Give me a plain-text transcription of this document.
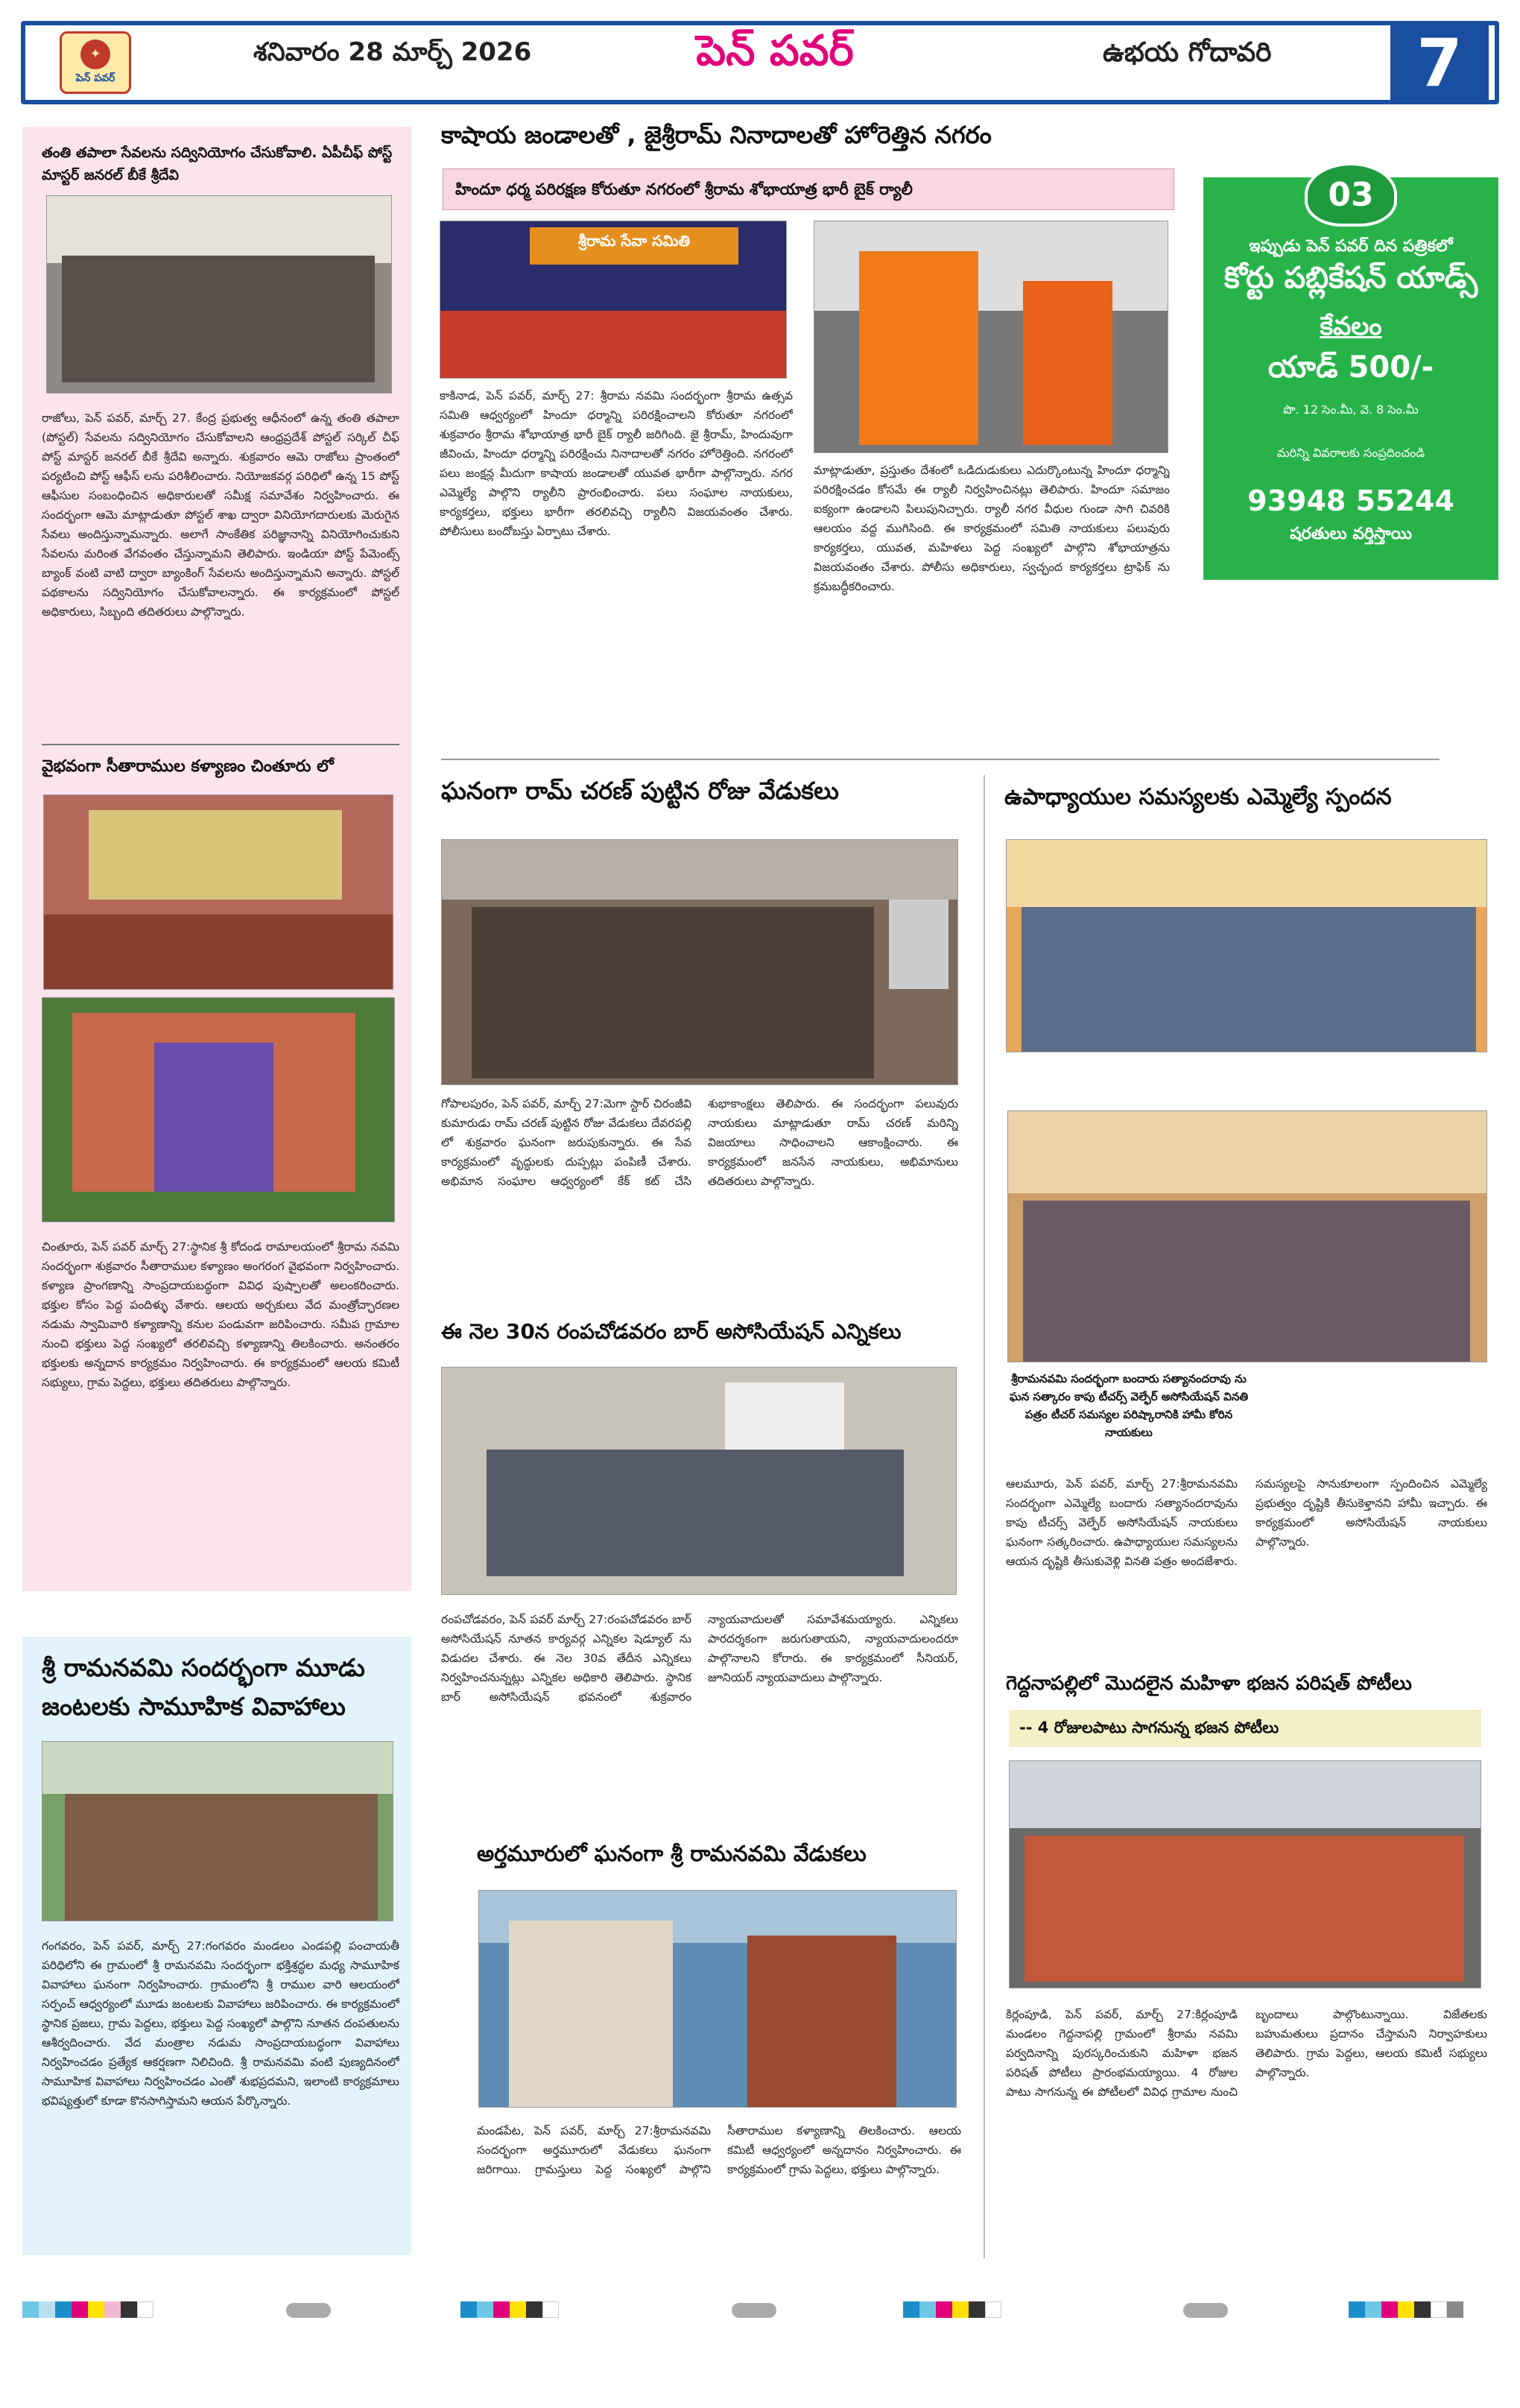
✦
పెన్ పవర్
శనివారం 28 మార్చ్ 2026	పెన్ పవర్	ఉభయ గోదావరి	7
తంతి తపాలా సేవలను సద్వినియోగం చేసుకోవాలి. ఏపీచీఫ్ పోస్ట్ మాస్టర్ జనరల్ బీకే శ్రీదేవి
రాజోలు, పెన్ పవర్, మార్చ్ 27. కేంద్ర ప్రభుత్వ ఆధీనంలో ఉన్న తంతి తపాలా (పోస్టల్) సేవలను సద్వినియోగం చేసుకోవాలని ఆంధ్రప్రదేశ్ పోస్టల్ సర్కిల్ చీఫ్ పోస్ట్ మాస్టర్ జనరల్ బీకే శ్రీదేవి అన్నారు. శుక్రవారం ఆమె రాజోలు ప్రాంతంలో పర్యటించి పోస్ట్ ఆఫీస్ లను పరిశీలించారు. నియోజకవర్గ పరిధిలో ఉన్న 15 పోస్ట్ ఆఫీసుల సంబంధించిన అధికారులతో సమీక్ష సమావేశం నిర్వహించారు. ఈ సందర్భంగా ఆమె మాట్లాడుతూ పోస్టల్ శాఖ ద్వారా వినియోగదారులకు మెరుగైన సేవలు అందిస్తున్నామన్నారు. అలాగే సాంకేతిక పరిజ్ఞానాన్ని వినియోగించుకుని సేవలను మరింత వేగవంతం చేస్తున్నామని తెలిపారు. ఇండియా పోస్ట్ పేమెంట్స్ బ్యాంక్ వంటి వాటి ద్వారా బ్యాంకింగ్ సేవలను అందిస్తున్నామని అన్నారు. పోస్టల్ పథకాలను సద్వినియోగం చేసుకోవాలన్నారు. ఈ కార్యక్రమంలో పోస్టల్ అధికారులు, సిబ్బంది తదితరులు పాల్గొన్నారు.
వైభవంగా సీతారాముల కళ్యాణం చింతూరు లో
చింతూరు, పెన్ పవర్ మార్చ్ 27:స్థానిక శ్రీ కోదండ రామాలయంలో శ్రీరామ నవమి సందర్భంగా శుక్రవారం సీతారాముల కళ్యాణం అంగరంగ వైభవంగా నిర్వహించారు. కళ్యాణ ప్రాంగణాన్ని సాంప్రదాయబద్ధంగా వివిధ పుష్పాలతో అలంకరించారు. భక్తుల కోసం పెద్ద పందిళ్ళు వేశారు. ఆలయ అర్చకులు వేద మంత్రోచ్ఛారణల నడుమ స్వామివారి కళ్యాణాన్ని కనుల పండువగా జరిపించారు. సమీప గ్రామాల నుంచి భక్తులు పెద్ద సంఖ్యలో తరలివచ్చి కళ్యాణాన్ని తిలకించారు. అనంతరం భక్తులకు అన్నదాన కార్యక్రమం నిర్వహించారు. ఈ కార్యక్రమంలో ఆలయ కమిటీ సభ్యులు, గ్రామ పెద్దలు, భక్తులు తదితరులు పాల్గొన్నారు.
శ్రీ రామనవమి సందర్భంగా మూడు జంటలకు సామూహిక వివాహాలు
గంగవరం, పెన్ పవర్, మార్చ్ 27:గంగవరం మండలం ఎండపల్లి పంచాయతీ పరిధిలోని ఈ గ్రామంలో శ్రీ రామనవమి సందర్భంగా భక్తిశ్రద్ధల మధ్య సామూహిక వివాహాలు ఘనంగా నిర్వహించారు. గ్రామంలోని శ్రీ రాముల వారి ఆలయంలో సర్పంచ్ ఆధ్వర్యంలో మూడు జంటలకు వివాహాలు జరిపించారు. ఈ కార్యక్రమంలో స్థానిక ప్రజలు, గ్రామ పెద్దలు, భక్తులు పెద్ద సంఖ్యలో పాల్గొని నూతన దంపతులను ఆశీర్వదించారు. వేద మంత్రాల నడుమ సాంప్రదాయబద్ధంగా వివాహాలు నిర్వహించడం ప్రత్యేక ఆకర్షణగా నిలిచింది. శ్రీ రామనవమి వంటి పుణ్యదినంలో సామూహిక వివాహాలు నిర్వహించడం ఎంతో శుభప్రదమని, ఇలాంటి కార్యక్రమాలు భవిష్యత్తులో కూడా కొనసాగిస్తామని ఆయన పేర్కొన్నారు.
కాషాయ జండాలతో , జైశ్రీరామ్ నినాదాలతో హోరెత్తిన నగరం
హిందూ ధర్మ పరిరక్షణ కోరుతూ నగరంలో శ్రీరామ శోభాయాత్ర భారీ బైక్ ర్యాలీ
శ్రీరామ సేవా సమితి
కాకినాడ, పెన్ పవర్, మార్చ్ 27: శ్రీరామ నవమి సందర్భంగా శ్రీరామ ఉత్సవ సమితి ఆధ్వర్యంలో హిందూ ధర్మాన్ని పరిరక్షించాలని కోరుతూ నగరంలో శుక్రవారం శ్రీరామ శోభాయాత్ర భారీ బైక్ ర్యాలీ జరిగింది. జై శ్రీరామ్, హిందువుగా జీవించు, హిందూ ధర్మాన్ని పరిరక్షించు నినాదాలతో నగరం హోరెత్తింది. నగరంలో పలు జంక్షన్ల మీదుగా కాషాయ జండాలతో యువత భారీగా పాల్గొన్నారు. నగర ఎమ్మెల్యే పాల్గొని ర్యాలీని ప్రారంభించారు. పలు సంఘాల నాయకులు, కార్యకర్తలు, భక్తులు భారీగా తరలివచ్చి ర్యాలీని విజయవంతం చేశారు. పోలీసులు బందోబస్తు ఏర్పాటు చేశారు.
మాట్లాడుతూ, ప్రస్తుతం దేశంలో ఒడిదుడుకులు ఎదుర్కొంటున్న హిందూ ధర్మాన్ని పరిరక్షించడం కోసమే ఈ ర్యాలీ నిర్వహించినట్లు తెలిపారు. హిందూ సమాజం ఐక్యంగా ఉండాలని పిలుపునిచ్చారు. ర్యాలీ నగర వీధుల గుండా సాగి చివరికి ఆలయం వద్ద ముగిసింది. ఈ కార్యక్రమంలో సమితి నాయకులు పలువురు కార్యకర్తలు, యువత, మహిళలు పెద్ద సంఖ్యలో పాల్గొని శోభాయాత్రను విజయవంతం చేశారు. పోలీసు అధికారులు, స్వచ్ఛంద కార్యకర్తలు ట్రాఫిక్ ను క్రమబద్ధీకరించారు.
03
ఇప్పుడు పెన్ పవర్ దిన పత్రికలో
కోర్టు పబ్లికేషన్ యాడ్స్
కేవలం
యాడ్ 500/-
పొ. 12 సెం.మీ, వె. 8 సెం.మీ
మరిన్ని వివరాలకు సంప్రదించండి
93948 55244
షరతులు వర్తిస్తాయి
ఘనంగా రామ్ చరణ్ పుట్టిన రోజు వేడుకలు
గోపాలపురం, పెన్ పవర్, మార్చ్ 27:మెగా స్టార్ చిరంజీవి కుమారుడు రామ్ చరణ్ పుట్టిన రోజు వేడుకలు దేవరపల్లి లో శుక్రవారం ఘనంగా జరుపుకున్నారు. ఈ సేవ కార్యక్రమంలో వృద్ధులకు దుప్పట్లు పంపిణీ చేశారు. అభిమాన సంఘాల ఆధ్వర్యంలో కేక్ కట్ చేసి శుభాకాంక్షలు తెలిపారు. ఈ సందర్భంగా పలువురు నాయకులు మాట్లాడుతూ రామ్ చరణ్ మరిన్ని విజయాలు సాధించాలని ఆకాంక్షించారు. ఈ కార్యక్రమంలో జనసేన నాయకులు, అభిమానులు తదితరులు పాల్గొన్నారు.
ఈ నెల 30న రంపచోడవరం బార్ అసోసియేషన్ ఎన్నికలు
రంపచోడవరం, పెన్ పవర్ మార్చ్ 27:రంపచోడవరం బార్ అసోసియేషన్ నూతన కార్యవర్గ ఎన్నికల షెడ్యూల్ ను విడుదల చేశారు. ఈ నెల 30వ తేదీన ఎన్నికలు నిర్వహించనున్నట్లు ఎన్నికల అధికారి తెలిపారు. స్థానిక బార్ అసోసియేషన్ భవనంలో శుక్రవారం న్యాయవాదులతో సమావేశమయ్యారు. ఎన్నికలు పారదర్శకంగా జరుగుతాయని, న్యాయవాదులందరూ పాల్గొనాలని కోరారు. ఈ కార్యక్రమంలో సీనియర్, జూనియర్ న్యాయవాదులు పాల్గొన్నారు.
అర్తమూరులో ఘనంగా శ్రీ రామనవమి వేడుకలు
మండపేట, పెన్ పవర్, మార్చ్ 27:శ్రీరామనవమి సందర్భంగా అర్తమూరులో వేడుకలు ఘనంగా జరిగాయి. గ్రామస్తులు పెద్ద సంఖ్యలో పాల్గొని సీతారాముల కళ్యాణాన్ని తిలకించారు. ఆలయ కమిటీ ఆధ్వర్యంలో అన్నదానం నిర్వహించారు. ఈ కార్యక్రమంలో గ్రామ పెద్దలు, భక్తులు పాల్గొన్నారు.
ఉపాధ్యాయుల సమస్యలకు ఎమ్మెల్యే స్పందన
శ్రీరామనవమి సందర్భంగా బందారు సత్యానందరావు ను ఘన సత్కారం కాపు టీచర్స్ వెల్ఫేర్ అసోసియేషన్ వినతి పత్రం టీచర్ సమస్యల పరిష్కారానికి హామీ కోరిన నాయకులు
ఆలమూరు, పెన్ పవర్, మార్చ్ 27:శ్రీరామనవమి సందర్భంగా ఎమ్మెల్యే బందారు సత్యానందరావును కాపు టీచర్స్ వెల్ఫేర్ అసోసియేషన్ నాయకులు ఘనంగా సత్కరించారు. ఉపాధ్యాయుల సమస్యలను ఆయన దృష్టికి తీసుకువెళ్లి వినతి పత్రం అందజేశారు. సమస్యలపై సానుకూలంగా స్పందించిన ఎమ్మెల్యే ప్రభుత్వం దృష్టికి తీసుకెళ్తానని హామీ ఇచ్చారు. ఈ కార్యక్రమంలో అసోసియేషన్ నాయకులు పాల్గొన్నారు.
గెద్దనాపల్లిలో మొదలైన మహిళా భజన పరిషత్ పోటీలు
-- 4 రోజులపాటు సాగనున్న భజన పోటీలు
కిర్లంపూడి, పెన్ పవర్, మార్చ్ 27:కిర్లంపూడి మండలం గెద్దనాపల్లి గ్రామంలో శ్రీరామ నవమి పర్వదినాన్ని పురస్కరించుకుని మహిళా భజన పరిషత్ పోటీలు ప్రారంభమయ్యాయి. 4 రోజుల పాటు సాగనున్న ఈ పోటీలలో వివిధ గ్రామాల నుంచి బృందాలు పాల్గొంటున్నాయి. విజేతలకు బహుమతులు ప్రదానం చేస్తామని నిర్వాహకులు తెలిపారు. గ్రామ పెద్దలు, ఆలయ కమిటీ సభ్యులు పాల్గొన్నారు.
